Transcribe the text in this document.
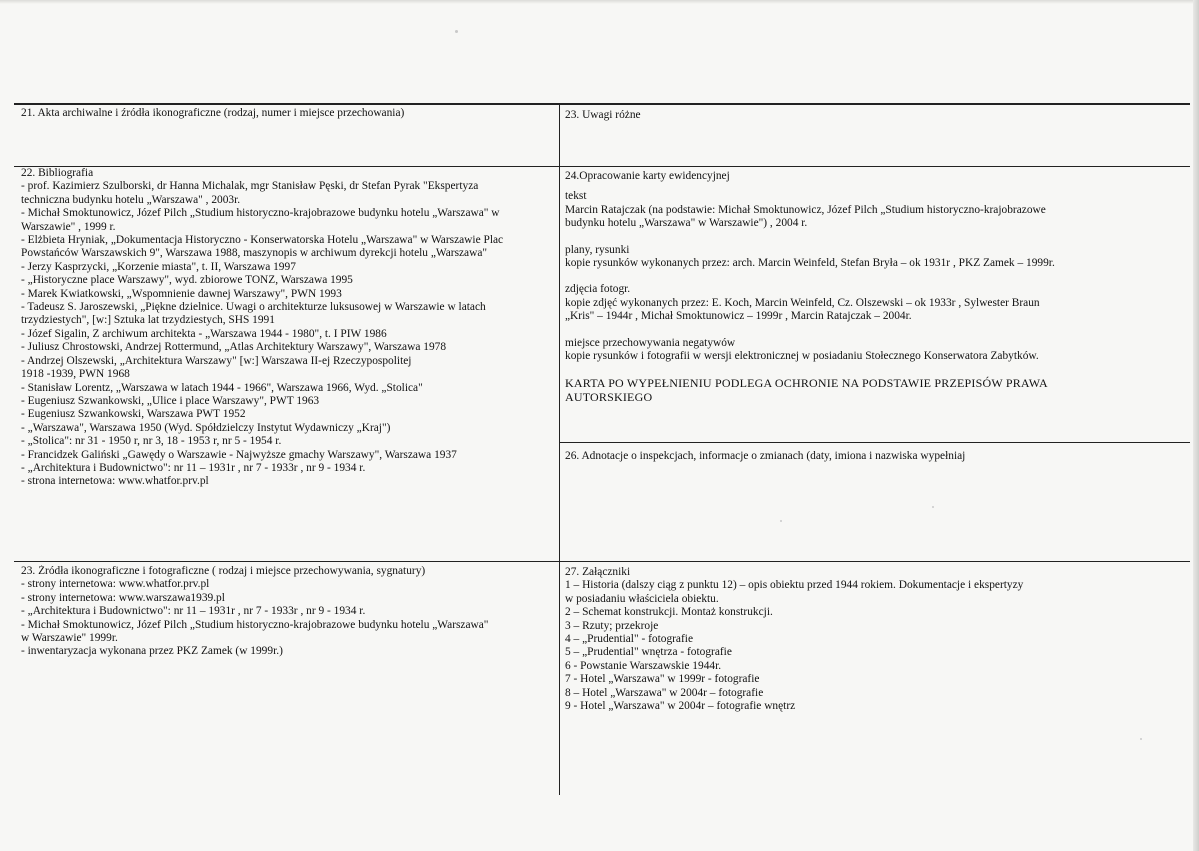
21. Akta archiwalne i źródła ikonograficzne (rodzaj, numer i miejsce przechowania)	23. Uwagi różne
22. Bibliografia
- prof. Kazimierz Szulborski, dr Hanna Michalak, mgr Stanisław Pęski, dr Stefan Pyrak "Ekspertyza
techniczna budynku hotelu „Warszawa" , 2003r.
- Michał Smoktunowicz, Józef Pilch „Studium historyczno-krajobrazowe budynku hotelu „Warszawa" w
Warszawie" , 1999 r.
- Elżbieta Hryniak, „Dokumentacja Historyczno - Konserwatorska Hotelu „Warszawa" w Warszawie Plac
Powstańców Warszawskich 9", Warszawa 1988, maszynopis w archiwum dyrekcji hotelu „Warszawa"
- Jerzy Kasprzycki, „Korzenie miasta", t. II, Warszawa 1997
- „Historyczne place Warszawy", wyd. zbiorowe TONZ, Warszawa 1995
- Marek Kwiatkowski, „Wspomnienie dawnej Warszawy", PWN 1993
- Tadeusz S. Jaroszewski, „Piękne dzielnice. Uwagi o architekturze luksusowej w Warszawie w latach
trzydziestych", [w:] Sztuka lat trzydziestych, SHS 1991
- Józef Sigalin, Z archiwum architekta - „Warszawa 1944 - 1980", t. I PIW 1986
- Juliusz Chrostowski, Andrzej Rottermund, „Atlas Architektury Warszawy", Warszawa 1978
- Andrzej Olszewski, „Architektura Warszawy" [w:] Warszawa II-ej Rzeczypospolitej
1918 -1939, PWN 1968
- Stanisław Lorentz, „Warszawa w latach 1944 - 1966", Warszawa 1966, Wyd. „Stolica"
- Eugeniusz Szwankowski, „Ulice i place Warszawy", PWT 1963
- Eugeniusz Szwankowski, Warszawa PWT 1952
- „Warszawa", Warszawa 1950 (Wyd. Spółdzielczy Instytut Wydawniczy „Kraj")
- „Stolica": nr 31 - 1950 r, nr 3, 18 - 1953 r, nr 5 - 1954 r.
- Francidzek Galiński „Gawędy o Warszawie - Najwyższe gmachy Warszawy", Warszawa 1937
- „Architektura i Budownictwo": nr 11 – 1931r , nr 7 - 1933r , nr 9 - 1934 r.
- strona internetowa: www.whatfor.prv.pl
24.Opracowanie karty ewidencyjnej
tekst
Marcin Ratajczak (na podstawie: Michał Smoktunowicz, Józef Pilch „Studium historyczno-krajobrazowe
budynku hotelu „Warszawa" w Warszawie") , 2004 r.
plany, rysunki
kopie rysunków wykonanych przez: arch. Marcin Weinfeld, Stefan Bryła – ok 1931r , PKZ Zamek – 1999r.
zdjęcia fotogr.
kopie zdjęć wykonanych przez: E. Koch, Marcin Weinfeld, Cz. Olszewski – ok 1933r , Sylwester Braun
„Kris" – 1944r , Michał Smoktunowicz – 1999r , Marcin Ratajczak – 2004r.
miejsce przechowywania negatywów
kopie rysunków i fotografii w wersji elektronicznej w posiadaniu Stołecznego Konserwatora Zabytków.
KARTA PO WYPEŁNIENIU PODLEGA OCHRONIE NA PODSTAWIE PRZEPISÓW PRAWA
AUTORSKIEGO
26. Adnotacje o inspekcjach, informacje o zmianach (daty, imiona i nazwiska wypełniaj
23. Źródła ikonograficzne i fotograficzne ( rodzaj i miejsce przechowywania, sygnatury)
- strony internetowa: www.whatfor.prv.pl
- strony internetowa: www.warszawa1939.pl
- „Architektura i Budownictwo": nr 11 – 1931r , nr 7 - 1933r , nr 9 - 1934 r.
- Michał Smoktunowicz, Józef Pilch „Studium historyczno-krajobrazowe budynku hotelu „Warszawa"
w Warszawie" 1999r.
- inwentaryzacja wykonana przez PKZ Zamek (w 1999r.)
27. Załączniki
1 – Historia (dalszy ciąg z punktu 12) – opis obiektu przed 1944 rokiem. Dokumentacje i ekspertyzy
w posiadaniu właściciela obiektu.
2 – Schemat konstrukcji. Montaż konstrukcji.
3 – Rzuty; przekroje
4 – „Prudential" - fotografie
5 – „Prudential" wnętrza - fotografie
6 - Powstanie Warszawskie 1944r.
7 - Hotel „Warszawa" w 1999r - fotografie
8 – Hotel „Warszawa" w 2004r – fotografie
9 - Hotel „Warszawa" w 2004r – fotografie wnętrz
